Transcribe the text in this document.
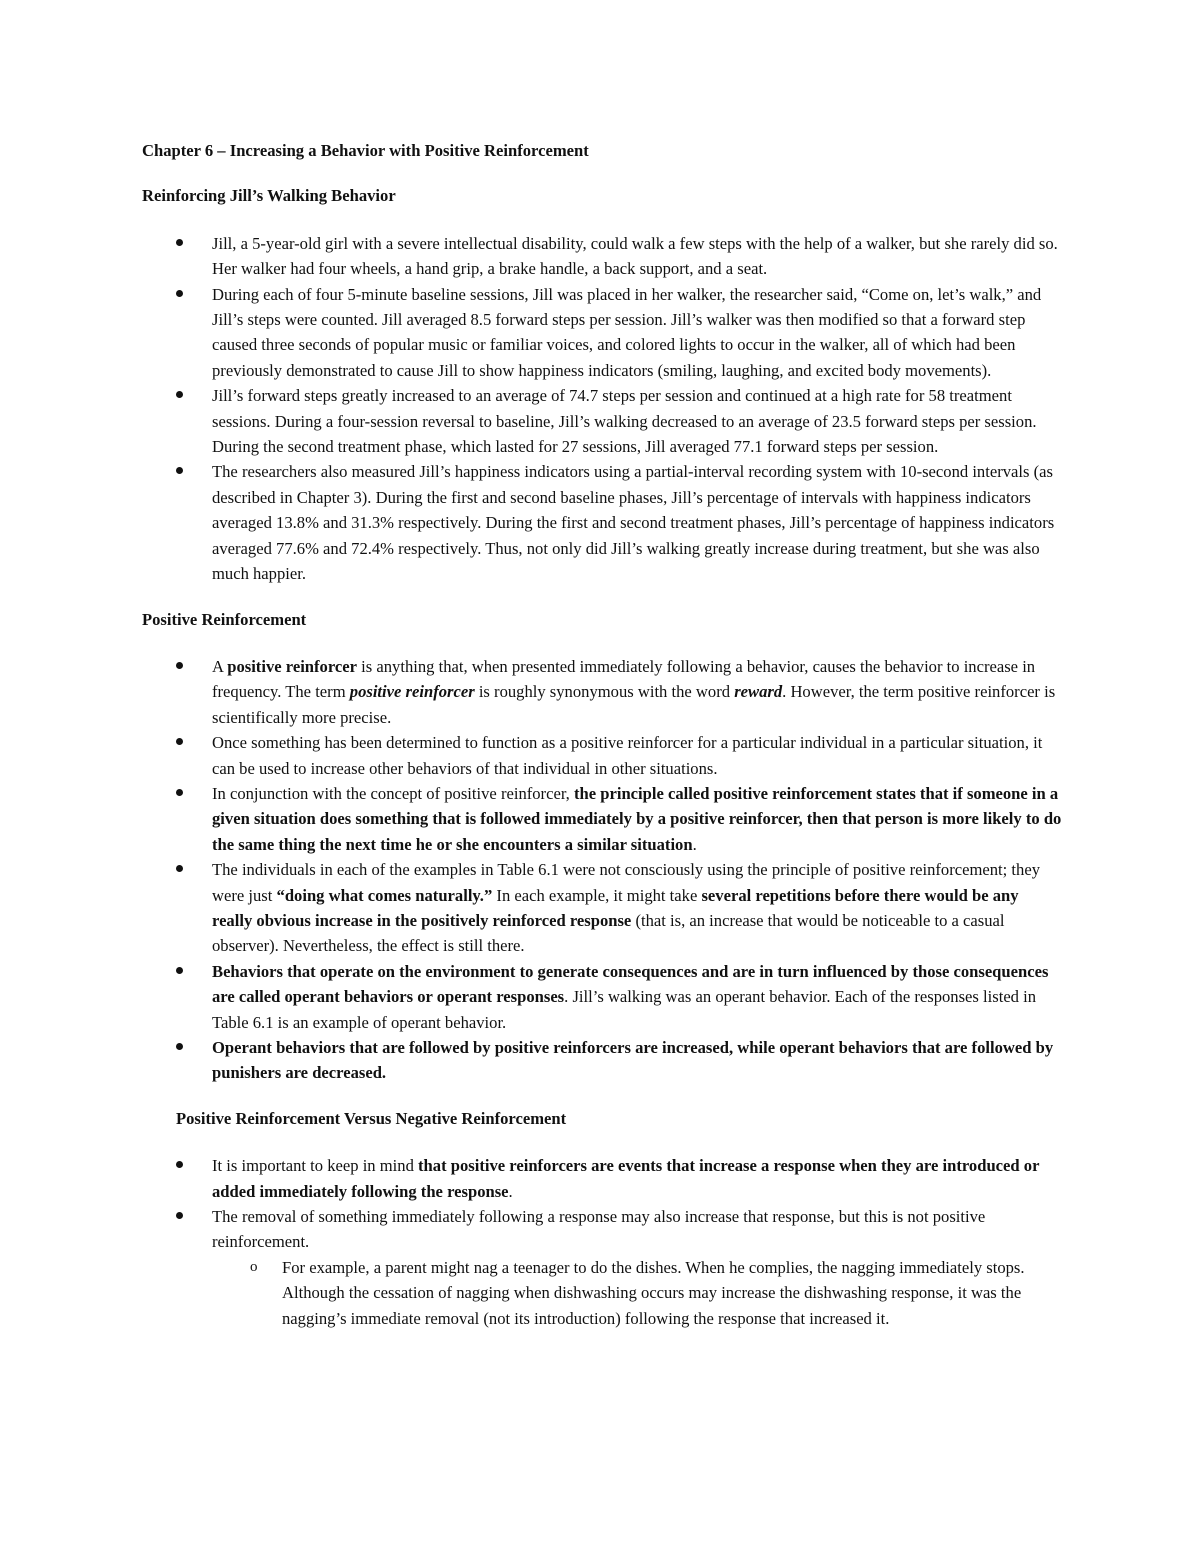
Chapter 6 – Increasing a Behavior with Positive Reinforcement
Reinforcing Jill’s Walking Behavior
Jill, a 5-year-old girl with a severe intellectual disability, could walk a few steps with the help of a walker, but she rarely did so. Her walker had four wheels, a hand grip, a brake handle, a back support, and a seat.
During each of four 5-minute baseline sessions, Jill was placed in her walker, the researcher said, “Come on, let’s walk,” and Jill’s steps were counted. Jill averaged 8.5 forward steps per session. Jill’s walker was then modified so that a forward step caused three seconds of popular music or familiar voices, and colored lights to occur in the walker, all of which had been previously demonstrated to cause Jill to show happiness indicators (smiling, laughing, and excited body movements).
Jill’s forward steps greatly increased to an average of 74.7 steps per session and continued at a high rate for 58 treatment sessions. During a four-session reversal to baseline, Jill’s walking decreased to an average of 23.5 forward steps per session. During the second treatment phase, which lasted for 27 sessions, Jill averaged 77.1 forward steps per session.
The researchers also measured Jill’s happiness indicators using a partial-interval recording system with 10-second intervals (as described in Chapter 3). During the first and second baseline phases, Jill’s percentage of intervals with happiness indicators averaged 13.8% and 31.3% respectively. During the first and second treatment phases, Jill’s percentage of happiness indicators averaged 77.6% and 72.4% respectively. Thus, not only did Jill’s walking greatly increase during treatment, but she was also much happier.
Positive Reinforcement
A positive reinforcer is anything that, when presented immediately following a behavior, causes the behavior to increase in frequency. The term positive reinforcer is roughly synonymous with the word reward. However, the term positive reinforcer is scientifically more precise.
Once something has been determined to function as a positive reinforcer for a particular individual in a particular situation, it can be used to increase other behaviors of that individual in other situations.
In conjunction with the concept of positive reinforcer, the principle called positive reinforcement states that if someone in a given situation does something that is followed immediately by a positive reinforcer, then that person is more likely to do the same thing the next time he or she encounters a similar situation.
The individuals in each of the examples in Table 6.1 were not consciously using the principle of positive reinforcement; they were just “doing what comes naturally.” In each example, it might take several repetitions before there would be any really obvious increase in the positively reinforced response (that is, an increase that would be noticeable to a casual observer). Nevertheless, the effect is still there.
Behaviors that operate on the environment to generate consequences and are in turn influenced by those consequences are called operant behaviors or operant responses. Jill’s walking was an operant behavior. Each of the responses listed in Table 6.1 is an example of operant behavior.
Operant behaviors that are followed by positive reinforcers are increased, while operant behaviors that are followed by punishers are decreased.
Positive Reinforcement Versus Negative Reinforcement
It is important to keep in mind that positive reinforcers are events that increase a response when they are introduced or added immediately following the response.
The removal of something immediately following a response may also increase that response, but this is not positive reinforcement.
o For example, a parent might nag a teenager to do the dishes. When he complies, the nagging immediately stops. Although the cessation of nagging when dishwashing occurs may increase the dishwashing response, it was the nagging’s immediate removal (not its introduction) following the response that increased it.
